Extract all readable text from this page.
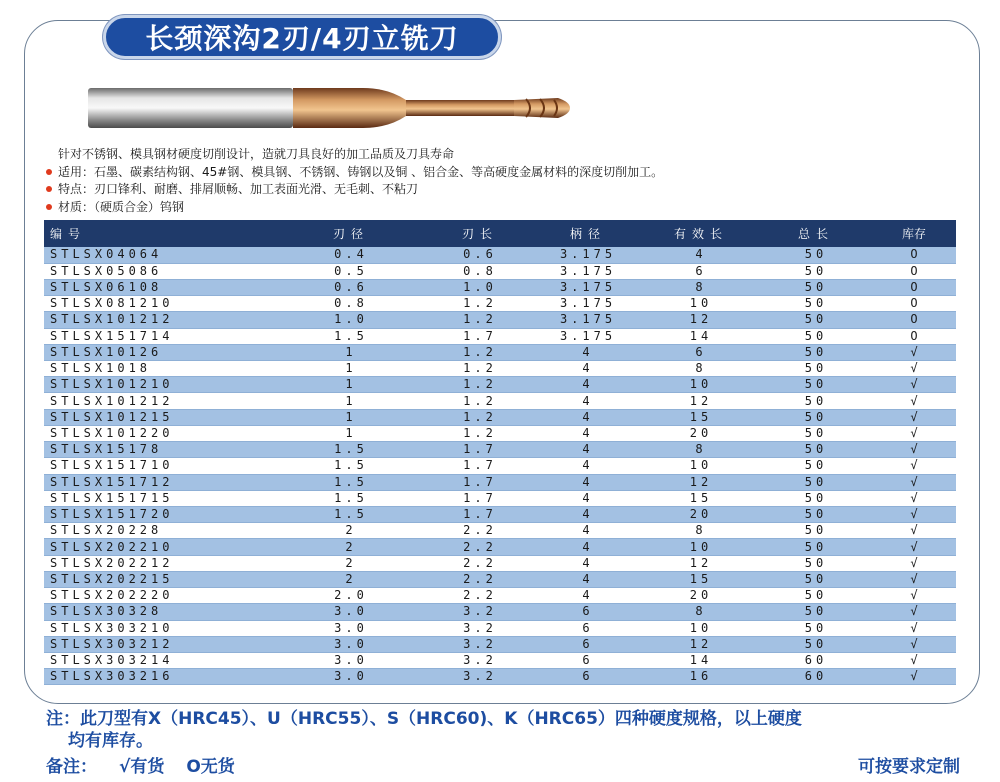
长颈深沟2刃/4刃立铣刀
针对不锈钢、模具钢材硬度切削设计，造就刀具良好的加工品质及刀具寿命
适用：石墨、碳素结构钢、45#钢、模具钢、不锈钢、铸钢以及铜 、铝合金、等高硬度金属材料的深度切削加工。
特点：刃口锋利、耐磨、排屑顺畅、加工表面光滑、无毛刺、不粘刀
材质：（硬质合金）钨钢
编号	刃径	刃长	柄径	有效长	总长	库存
STLSX04064	0.4	0.6	3.175	4	50	O
STLSX05086	0.5	0.8	3.175	6	50	O
STLSX06108	0.6	1.0	3.175	8	50	O
STLSX081210	0.8	1.2	3.175	10	50	O
STLSX101212	1.0	1.2	3.175	12	50	O
STLSX151714	1.5	1.7	3.175	14	50	O
STLSX10126	1	1.2	4	6	50	√
STLSX1018	1	1.2	4	8	50	√
STLSX101210	1	1.2	4	10	50	√
STLSX101212	1	1.2	4	12	50	√
STLSX101215	1	1.2	4	15	50	√
STLSX101220	1	1.2	4	20	50	√
STLSX15178	1.5	1.7	4	8	50	√
STLSX151710	1.5	1.7	4	10	50	√
STLSX151712	1.5	1.7	4	12	50	√
STLSX151715	1.5	1.7	4	15	50	√
STLSX151720	1.5	1.7	4	20	50	√
STLSX20228	2	2.2	4	8	50	√
STLSX202210	2	2.2	4	10	50	√
STLSX202212	2	2.2	4	12	50	√
STLSX202215	2	2.2	4	15	50	√
STLSX202220	2.0	2.2	4	20	50	√
STLSX30328	3.0	3.2	6	8	50	√
STLSX303210	3.0	3.2	6	10	50	√
STLSX303212	3.0	3.2	6	12	50	√
STLSX303214	3.0	3.2	6	14	60	√
STLSX303216	3.0	3.2	6	16	60	√
注：此刀型有X（HRC45）、U（HRC55）、S（HRC60)、K（HRC65）四种硬度规格，以上硬度
均有库存。
备注： √有货 O无货	可按要求定制
